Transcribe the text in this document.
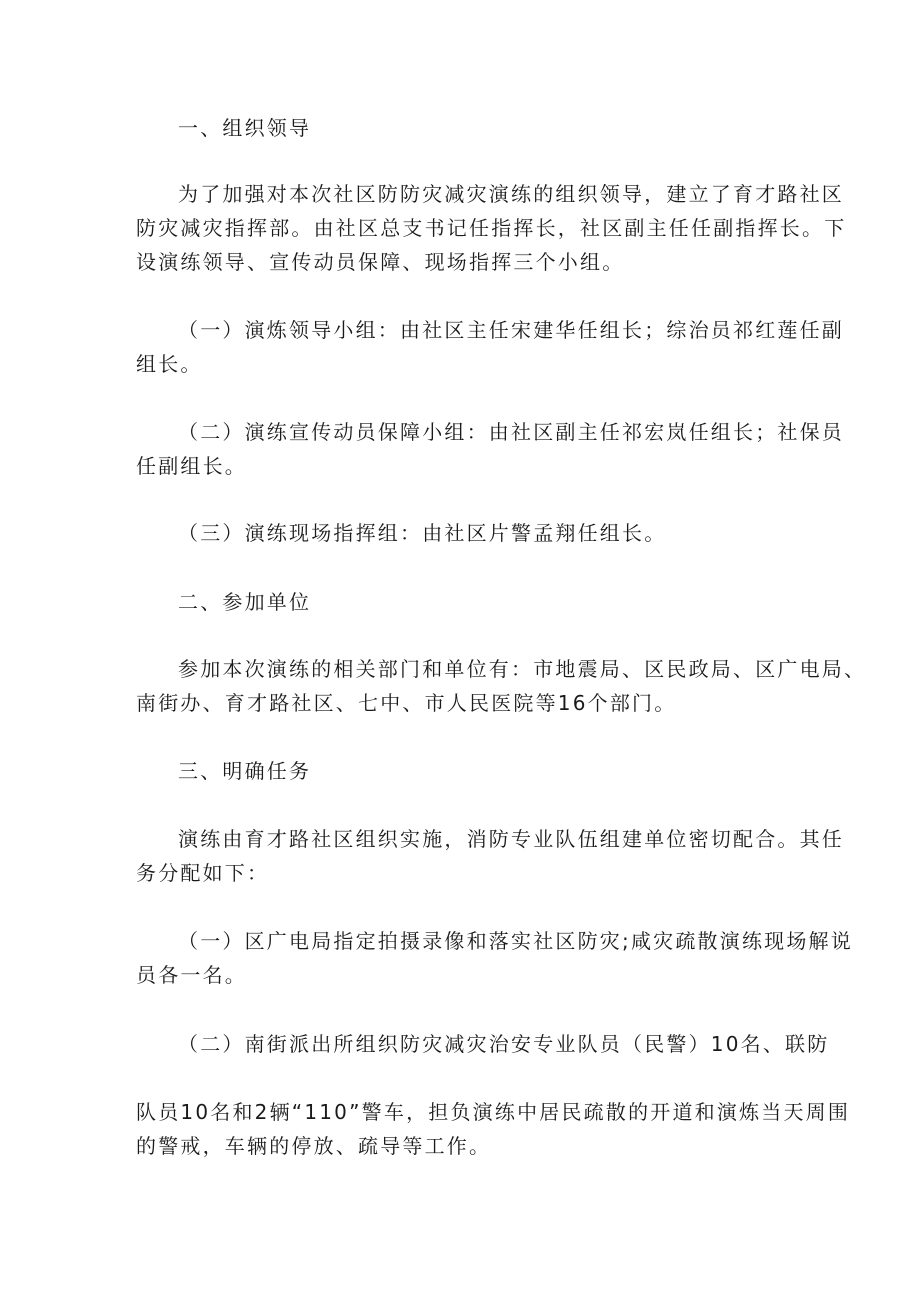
一、组织领导
为了加强对本次社区防防灾减灾演练的组织领导，建立了育才路社区
防灾减灾指挥部。由社区总支书记任指挥长，社区副主任任副指挥长。下
设演练领导、宣传动员保障、现场指挥三个小组。
（一）演炼领导小组：由社区主任宋建华任组长；综治员祁红莲任副
组长。
（二）演练宣传动员保障小组：由社区副主任祁宏岚任组长；社保员
任副组长。
（三）演练现场指挥组：由社区片警孟翔任组长。
二、参加单位
参加本次演练的相关部门和单位有：市地震局、区民政局、区广电局、
南街办、育才路社区、七中、市人民医院等16个部门。
三、明确任务
演练由育才路社区组织实施，消防专业队伍组建单位密切配合。其任
务分配如下：
（一）区广电局指定拍摄录像和落实社区防灾;咸灾疏散演练现场解说
员各一名。
（二）南街派出所组织防灾减灾治安专业队员（民警）10名、联防
队员10名和2辆“110”警车，担负演练中居民疏散的开道和演炼当天周围
的警戒，车辆的停放、疏导等工作。
